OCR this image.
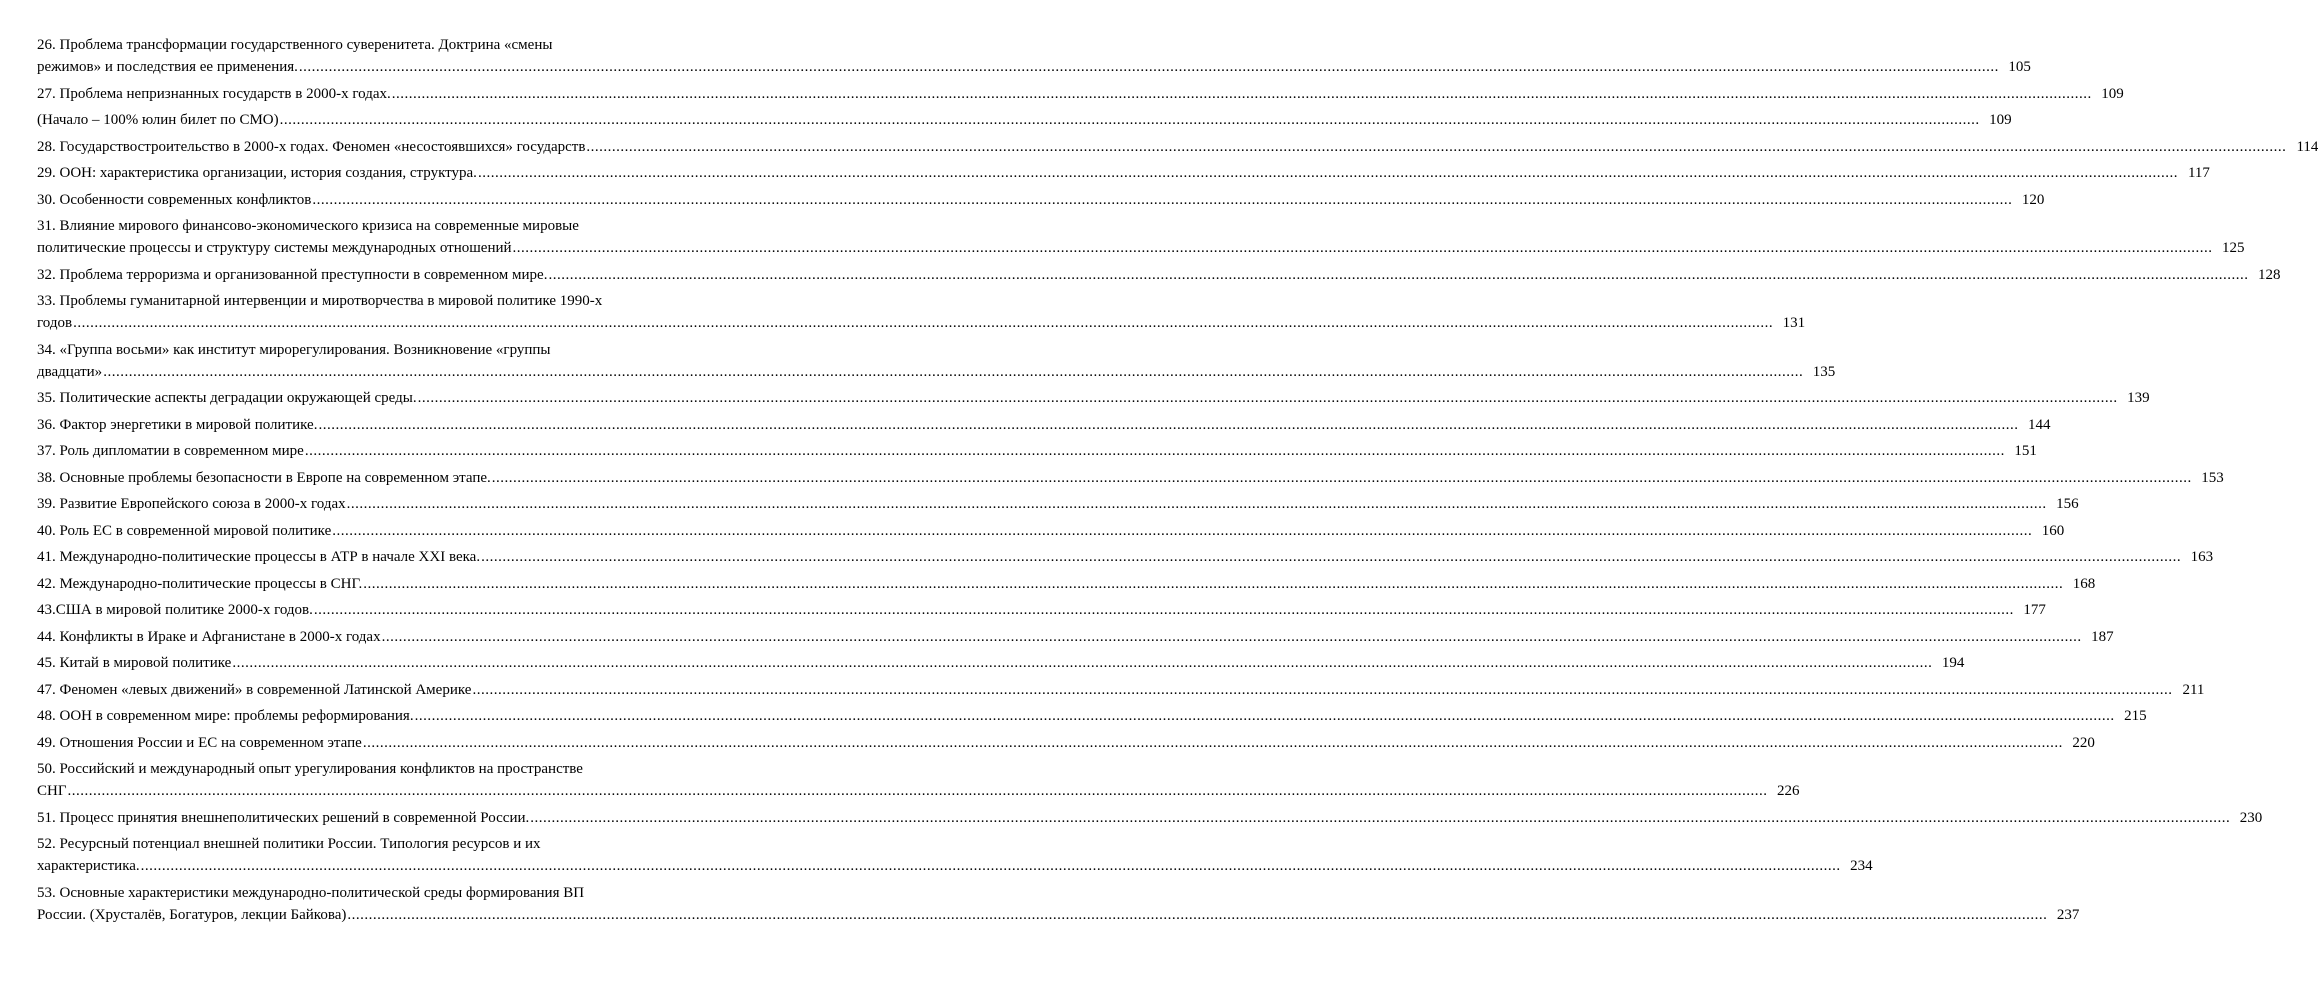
26. Проблема трансформации государственного суверенитета. Доктрина «смены
режимов» и последствия ее применения. ................................................................................................................................................................................................................................................................................................................................................................................................................ 105
27. Проблема непризнанных государств в 2000-х годах. ................................................................................................................................................................................................................................................................................................................................................................................................................ 109
(Начало – 100% юлин билет по СМО) ................................................................................................................................................................................................................................................................................................................................................................................................................ 109
28. Государствостроительство в 2000-х годах. Феномен «несостоявшихся» государств ................................................................................................................................................................................................................................................................................................................................................................................................................ 114
29. ООН: характеристика организации, история создания, структура. ................................................................................................................................................................................................................................................................................................................................................................................................................ 117
30. Особенности современных конфликтов ................................................................................................................................................................................................................................................................................................................................................................................................................ 120
31. Влияние мирового финансово-экономического кризиса на современные мировые
политические процессы и структуру системы международных отношений ................................................................................................................................................................................................................................................................................................................................................................................................................ 125
32. Проблема терроризма и организованной преступности в современном мире. ................................................................................................................................................................................................................................................................................................................................................................................................................ 128
33. Проблемы гуманитарной интервенции и миротворчества в мировой политике 1990-х
годов ................................................................................................................................................................................................................................................................................................................................................................................................................ 131
34. «Группа восьми» как институт мирорегулирования. Возникновение «группы
двадцати» ................................................................................................................................................................................................................................................................................................................................................................................................................ 135
35. Политические аспекты деградации окружающей среды. ................................................................................................................................................................................................................................................................................................................................................................................................................ 139
36. Фактор энергетики в мировой политике. ................................................................................................................................................................................................................................................................................................................................................................................................................ 144
37. Роль дипломатии в современном мире ................................................................................................................................................................................................................................................................................................................................................................................................................ 151
38. Основные проблемы безопасности в Европе на современном этапе. ................................................................................................................................................................................................................................................................................................................................................................................................................ 153
39. Развитие Европейского союза в 2000-х годах ................................................................................................................................................................................................................................................................................................................................................................................................................ 156
40. Роль ЕС в современной мировой политике ................................................................................................................................................................................................................................................................................................................................................................................................................ 160
41. Международно-политические процессы в АТР в начале XXI века. ................................................................................................................................................................................................................................................................................................................................................................................................................ 163
42. Международно-политические процессы в СНГ. ................................................................................................................................................................................................................................................................................................................................................................................................................ 168
43. США в мировой политике 2000-х годов. ................................................................................................................................................................................................................................................................................................................................................................................................................ 177
44. Конфликты в Ираке и Афганистане в 2000-х годах ................................................................................................................................................................................................................................................................................................................................................................................................................ 187
45. Китай в мировой политике ................................................................................................................................................................................................................................................................................................................................................................................................................ 194
47. Феномен «левых движений» в современной Латинской Америке ................................................................................................................................................................................................................................................................................................................................................................................................................ 211
48. ООН в современном мире: проблемы реформирования. ................................................................................................................................................................................................................................................................................................................................................................................................................ 215
49. Отношения России и ЕС на современном этапе ................................................................................................................................................................................................................................................................................................................................................................................................................ 220
50. Российский и международный опыт урегулирования конфликтов на пространстве
СНГ ................................................................................................................................................................................................................................................................................................................................................................................................................ 226
51. Процесс принятия внешнеполитических решений в современной России. ................................................................................................................................................................................................................................................................................................................................................................................................................ 230
52. Ресурсный потенциал внешней политики России. Типология ресурсов и их
характеристика. ................................................................................................................................................................................................................................................................................................................................................................................................................ 234
53. Основные характеристики международно-политической среды формирования ВП
России. (Хрусталёв, Богатуров, лекции Байкова) ................................................................................................................................................................................................................................................................................................................................................................................................................ 237
